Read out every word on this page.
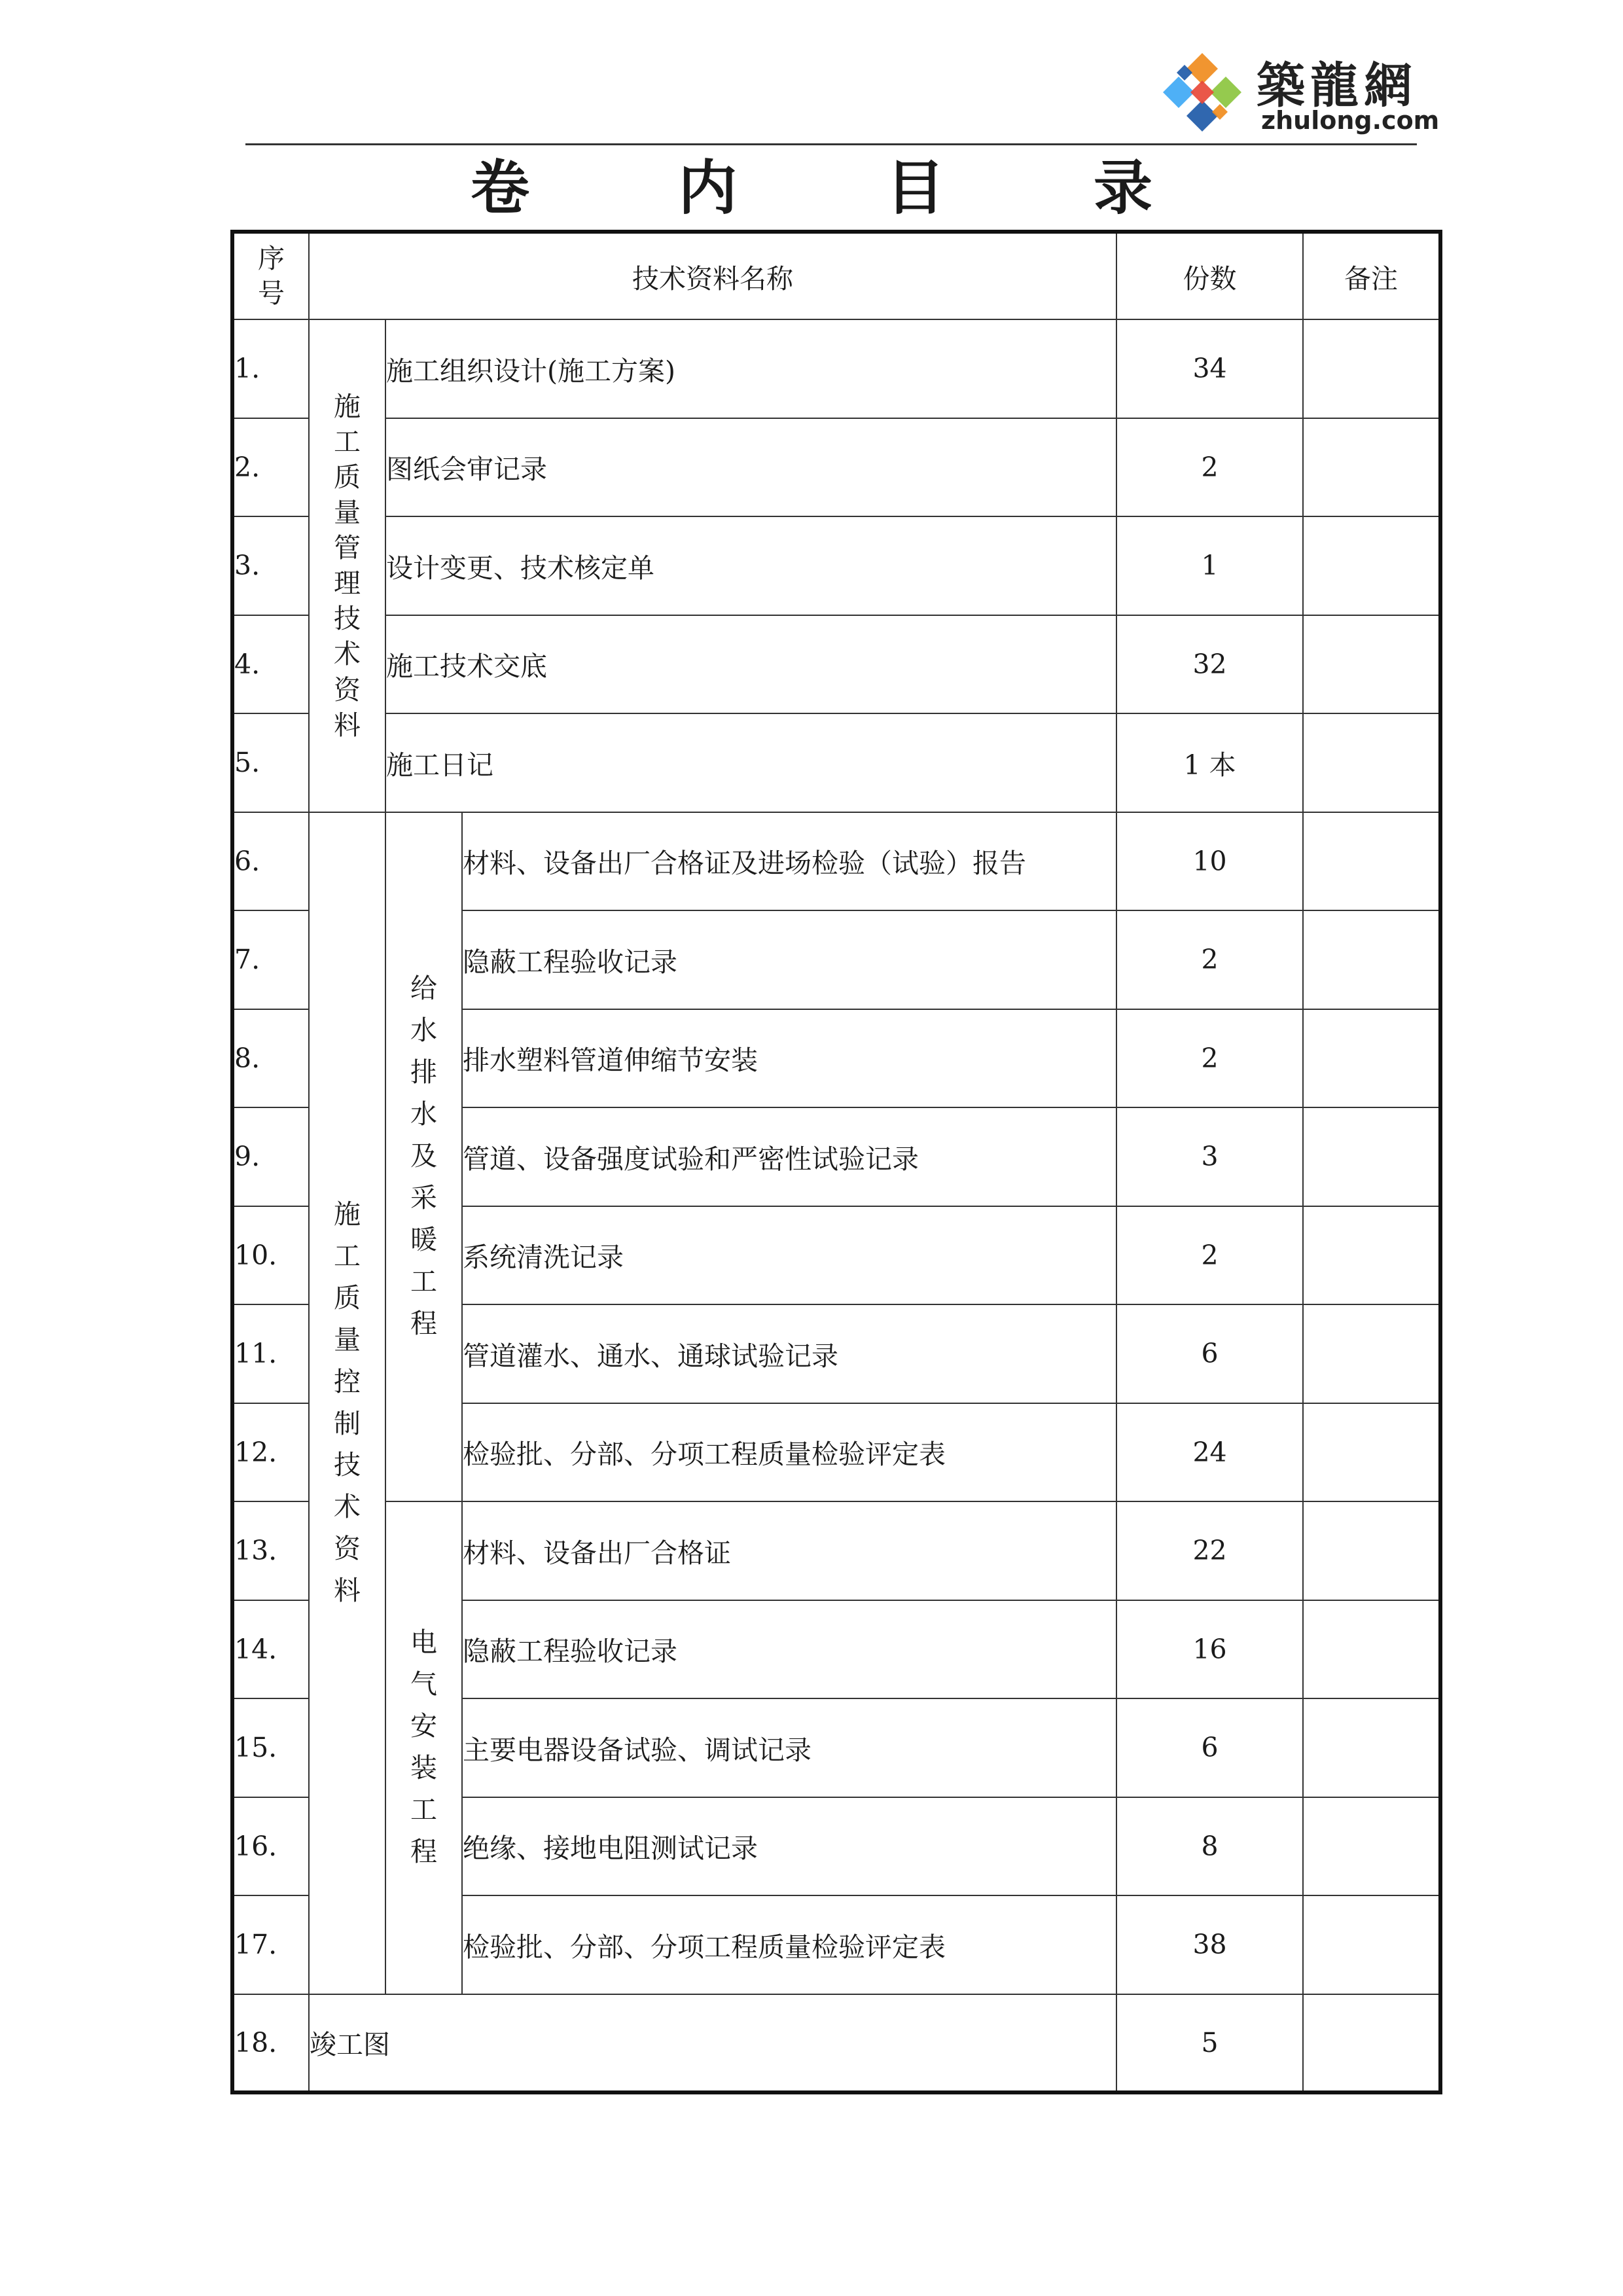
築龍網
zhulong.com
卷 内 目 录
序号	技术资料名称			份数	备注
1.	施工质量管理技术资料	施工组织设计(施工方案)		34	
2.		图纸会审记录		2	
3.		设计变更、技术核定单		1	
4.		施工技术交底		32	
5.		施工日记		1 本	
6.	施工质量控制技术资料	给水排水及采暖工程	材料、设备出厂合格证及进场检验（试验）报告	10	
7.			隐蔽工程验收记录	2	
8.			排水塑料管道伸缩节安装	2	
9.			管道、设备强度试验和严密性试验记录	3	
10.			系统清洗记录	2	
11.			管道灌水、通水、通球试验记录	6	
12.			检验批、分部、分项工程质量检验评定表	24	
13.		电气安装工程	材料、设备出厂合格证	22	
14.			隐蔽工程验收记录	16	
15.			主要电器设备试验、调试记录	6	
16.			绝缘、接地电阻测试记录	8	
17.			检验批、分部、分项工程质量检验评定表	38	
18.	竣工图			5	
